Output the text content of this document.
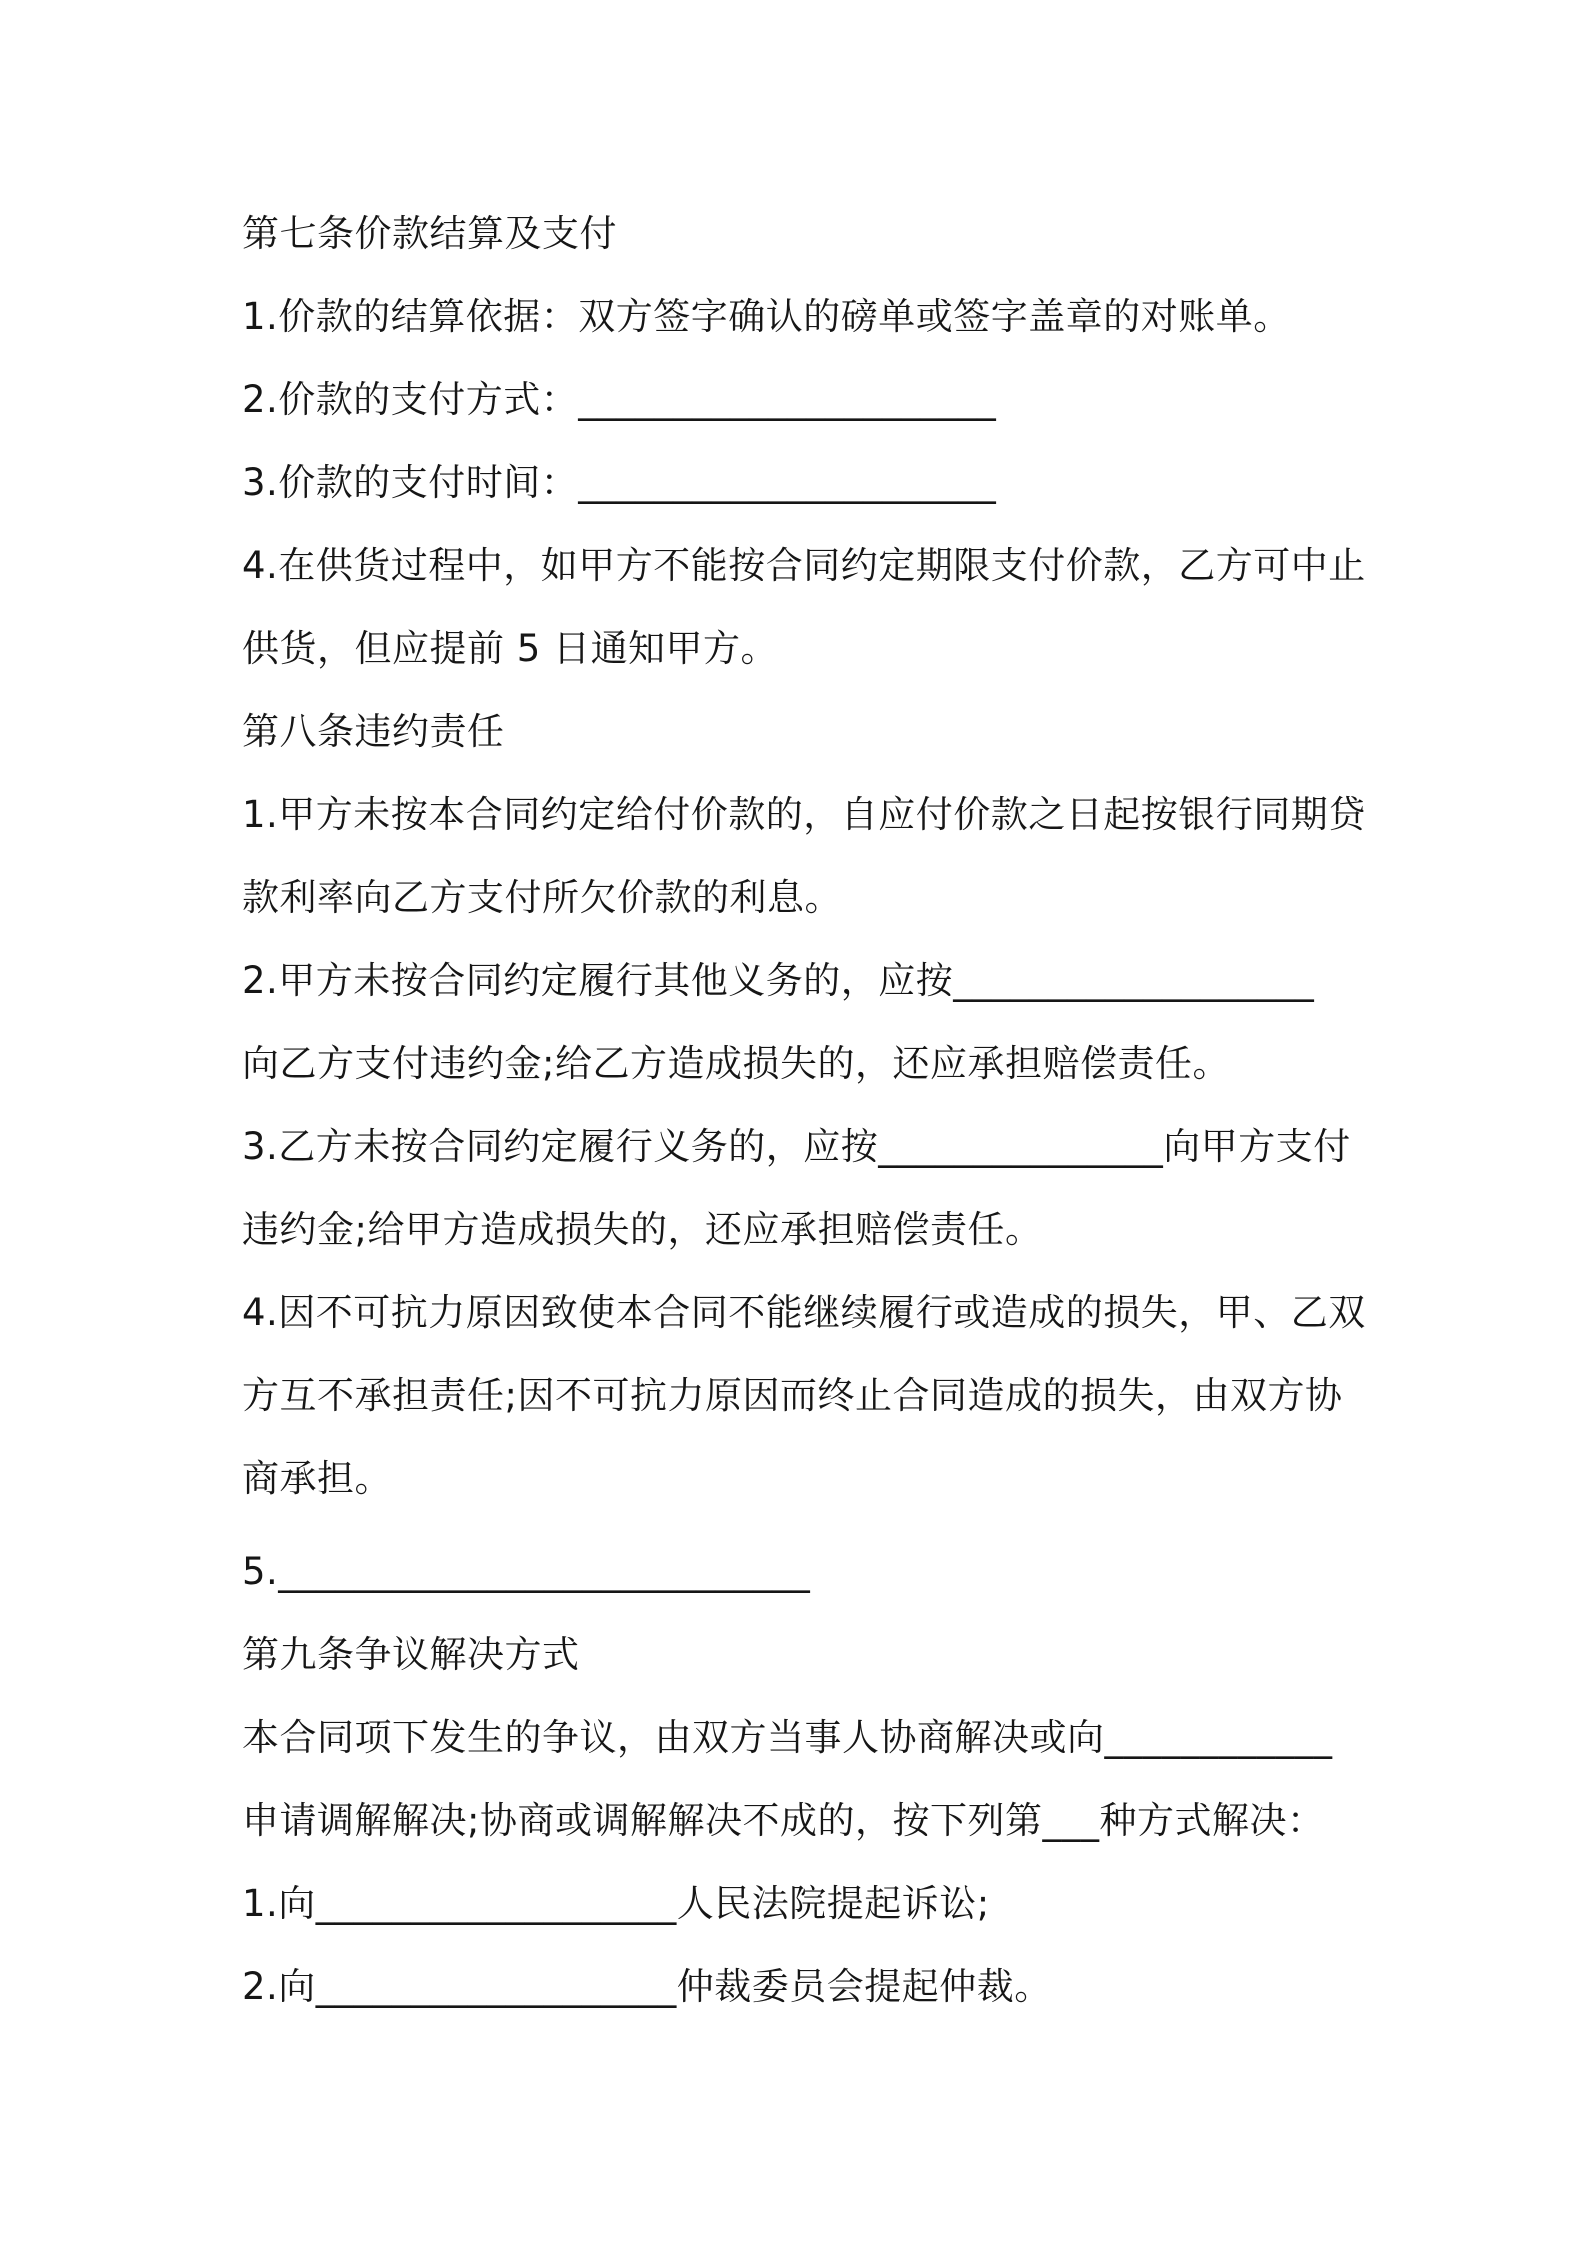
第七条价款结算及支付

1.价款的结算依据：双方签字确认的磅单或签字盖章的对账单。

2.价款的支付方式：______________________

3.价款的支付时间：______________________

4.在供货过程中，如甲方不能按合同约定期限支付价款，乙方可中止

供货，但应提前 5 日通知甲方。

第八条违约责任

1.甲方未按本合同约定给付价款的，自应付价款之日起按银行同期贷

款利率向乙方支付所欠价款的利息。

2.甲方未按合同约定履行其他义务的，应按___________________

向乙方支付违约金;给乙方造成损失的，还应承担赔偿责任。

3.乙方未按合同约定履行义务的，应按_______________向甲方支付

违约金;给甲方造成损失的，还应承担赔偿责任。

4.因不可抗力原因致使本合同不能继续履行或造成的损失，甲、乙双

方互不承担责任;因不可抗力原因而终止合同造成的损失，由双方协

商承担。

5.____________________________

第九条争议解决方式

本合同项下发生的争议，由双方当事人协商解决或向____________

申请调解解决;协商或调解解决不成的，按下列第___种方式解决：

1.向___________________人民法院提起诉讼;

2.向___________________仲裁委员会提起仲裁。
